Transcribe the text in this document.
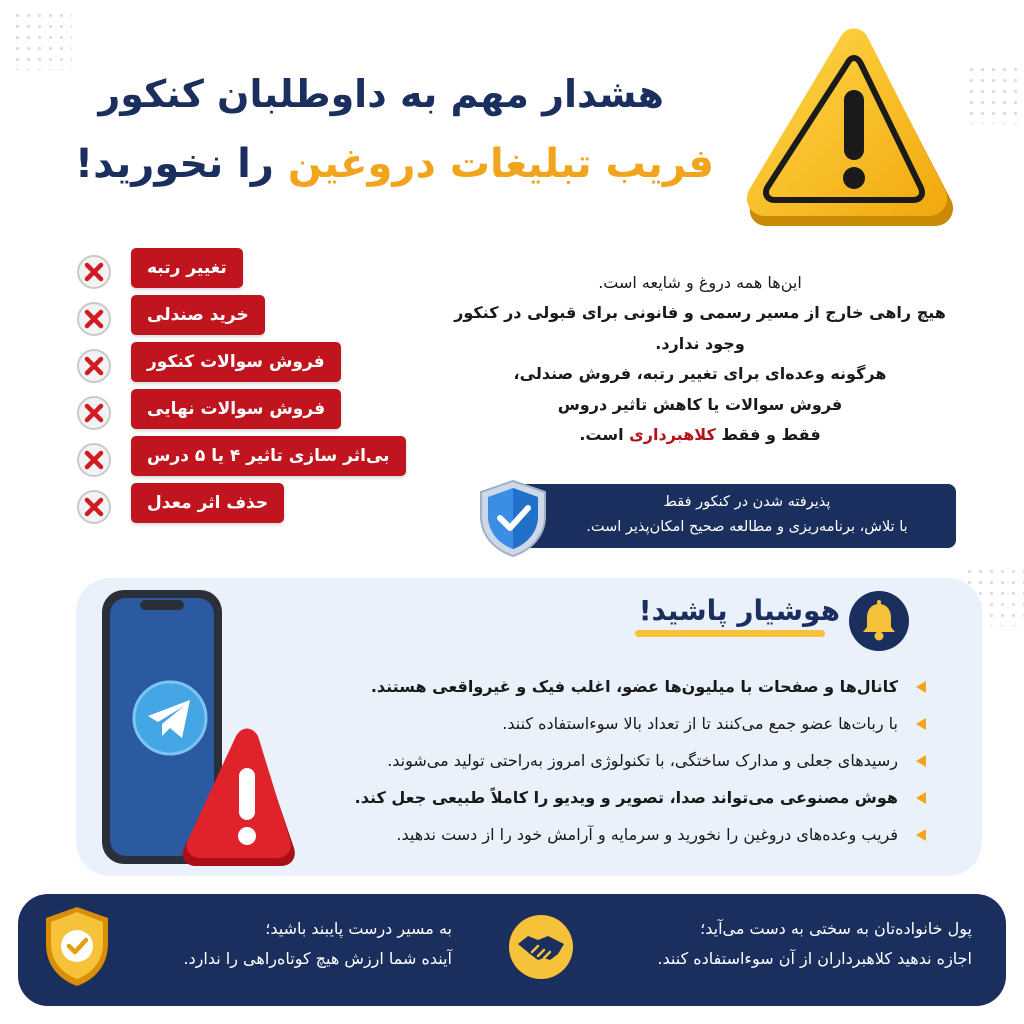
هشدار مهم به داوطلبان کنکور
فریب تبلیغات دروغین را نخورید!
تغییر رتبه
خرید صندلی
فروش سوالات کنکور
فروش سوالات نهایی
بی‌اثر سازی تاثیر ۴ یا ۵ درس
حذف اثر معدل

این‌ها همه دروغ و شایعه است.

هیچ راهی خارج از مسیر رسمی و فانونی برای قبولی در کنکور

وجود ندارد.

هرگونه وعده‌ای برای تغییر رتبه، فروش صندلی،

فروش سوالات یا کاهش تاثیر دروس

فقط و فقط کلاهبرداری است.

پذیرفته شدن در کنکور فقط
با تلاش، برنامه‌ریزی و مطالعه صحیح امکان‌پذیر است.
هوشیار پاشید!
کانال‌ها و صفحات با میلیون‌ها عضو، اغلب فیک و غیرواقعی هستند.
با ربات‌ها عضو جمع می‌کنند تا از تعداد بالا سوءاستفاده کنند.
رسیدهای جعلی و مدارک ساختگی، با تکنولوژی امروز به‌راحتی تولید می‌شوند.
هوش مصنوعی می‌تواند صدا، تصویر و ویدیو را کاملاً طبیعی جعل کند.
فریب وعده‌های دروغین را نخورید و سرمایه و آرامش خود را از دست ندهید.
پول خانواده‌تان به سختی به دست می‌آید؛
اجازه ندهید کلاهبرداران از آن سوءاستفاده کنند.
به مسیر درست پایبند باشید؛
آینده شما ارزش هیچ کوتاه‌راهی را ندارد.
